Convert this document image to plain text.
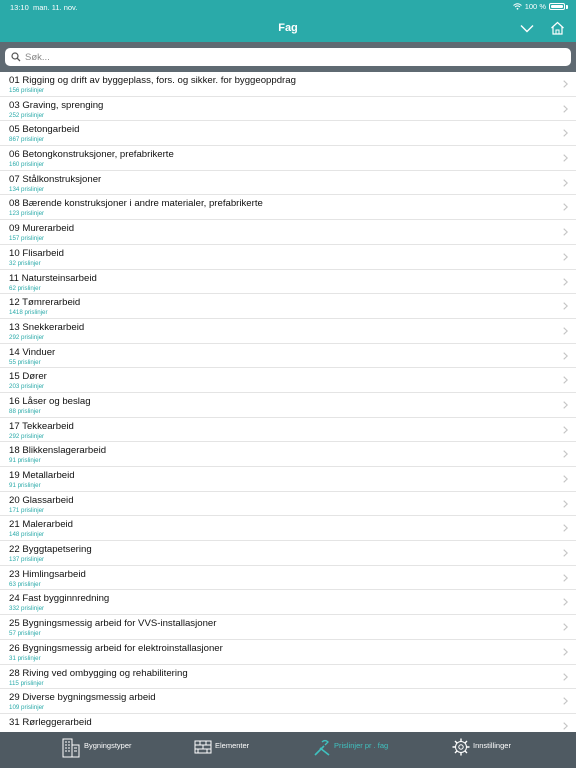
13:10 man. 11. nov.	100 %
Fag
Søk...
01 Rigging og drift av byggeplass, fors. og sikker. for byggeoppdrag
156 prislinjer
03 Graving, sprenging
252 prislinjer
05 Betongarbeid
867 prislinjer
06 Betongkonstruksjoner, prefabrikerte
160 prislinjer
07 Stålkonstruksjoner
134 prislinjer
08 Bærende konstruksjoner i andre materialer, prefabrikerte
123 prislinjer
09 Murerarbeid
157 prislinjer
10 Flisarbeid
32 prislinjer
11 Natursteinsarbeid
62 prislinjer
12 Tømrerarbeid
1418 prislinjer
13 Snekkerarbeid
292 prislinjer
14 Vinduer
55 prislinjer
15 Dører
203 prislinjer
16 Låser og beslag
88 prislinjer
17 Tekkearbeid
292 prislinjer
18 Blikkenslagerarbeid
91 prislinjer
19 Metallarbeid
91 prislinjer
20 Glassarbeid
171 prislinjer
21 Malerarbeid
148 prislinjer
22 Byggtapetsering
137 prislinjer
23 Himlingsarbeid
63 prislinjer
24 Fast bygginnredning
332 prislinjer
25 Bygningsmessig arbeid for VVS-installasjoner
57 prislinjer
26 Bygningsmessig arbeid for elektroinstallasjoner
31 prislinjer
28 Riving ved ombygging og rehabilitering
115 prislinjer
29 Diverse bygningsmessig arbeid
109 prislinjer
31 Rørleggerarbeid
Bygningstyper	Elementer	Prislinjer pr . fag	Innstillinger
